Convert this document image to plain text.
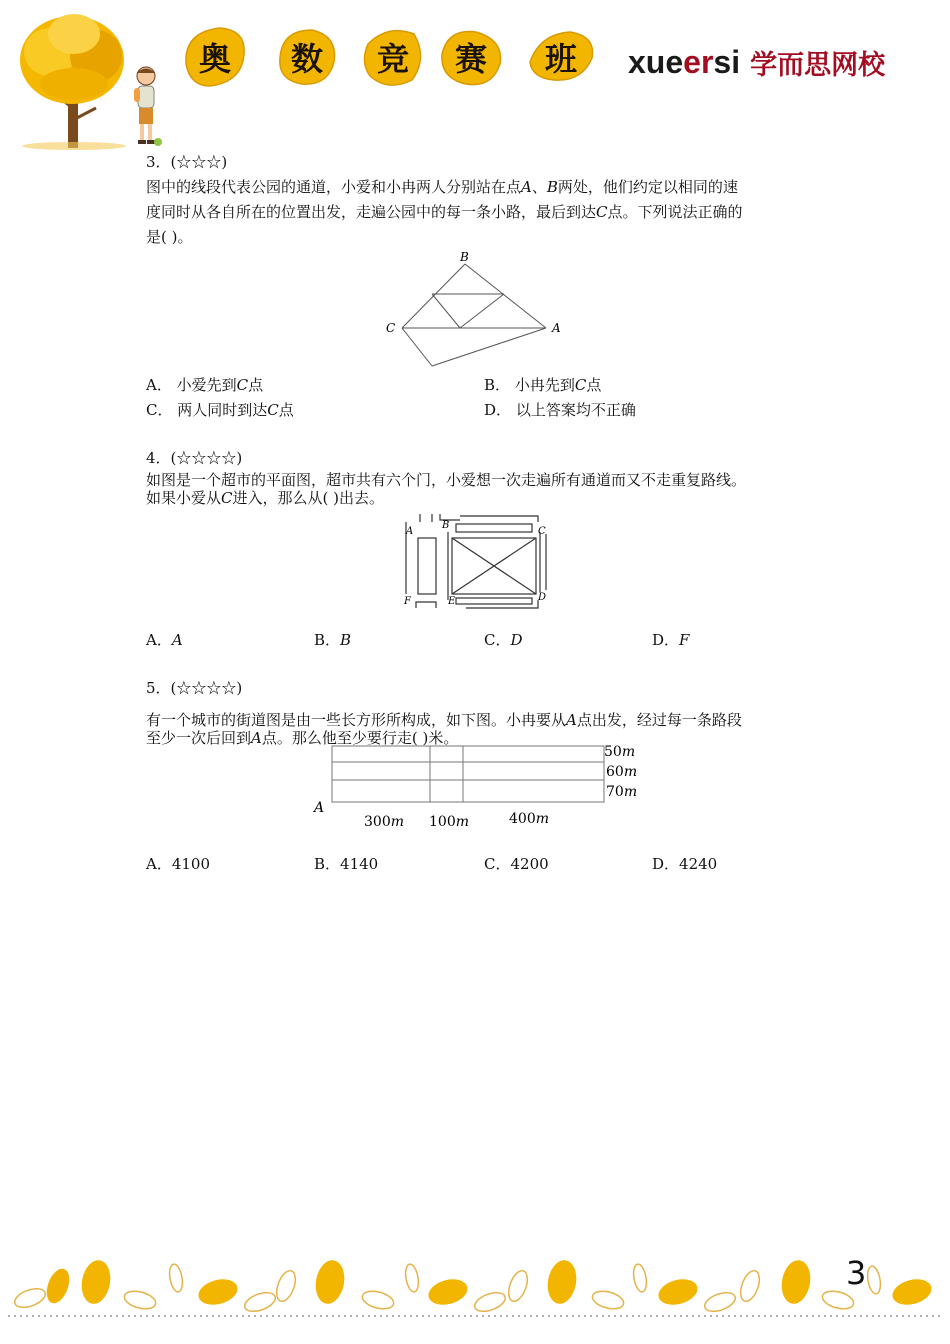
奥 数 竞 赛 班 xueersi 学而思网校
3．(☆☆☆)
图中的线段代表公园的通道，小爱和小冉两人分别站在点A、B两处，他们约定以相同的速
度同时从各自所在的位置出发，走遍公园中的每一条小路，最后到达C点。下列说法正确的
是( )。
B
C	A
A． 小爱先到C点	B． 小冉先到C点
C． 两人同时到达C点	D． 以上答案均不正确
4．(☆☆☆☆)
如图是一个超市的平面图，超市共有六个门，小爱想一次走遍所有通道而又不走重复路线。
如果小爱从C进入，那么从( )出去。
A
B
C
D
E
F
A．A	B．B	C．D	D．F
5．(☆☆☆☆)

有一个城市的街道图是由一些长方形所构成，如下图。小冉要从A点出发，经过每一条路段
至少一次后回到A点。那么他至少要行走( )米。
A
50m
60m
70m
300m 100m	400m
A．4100	B．4140	C．4200	D．4240
3
